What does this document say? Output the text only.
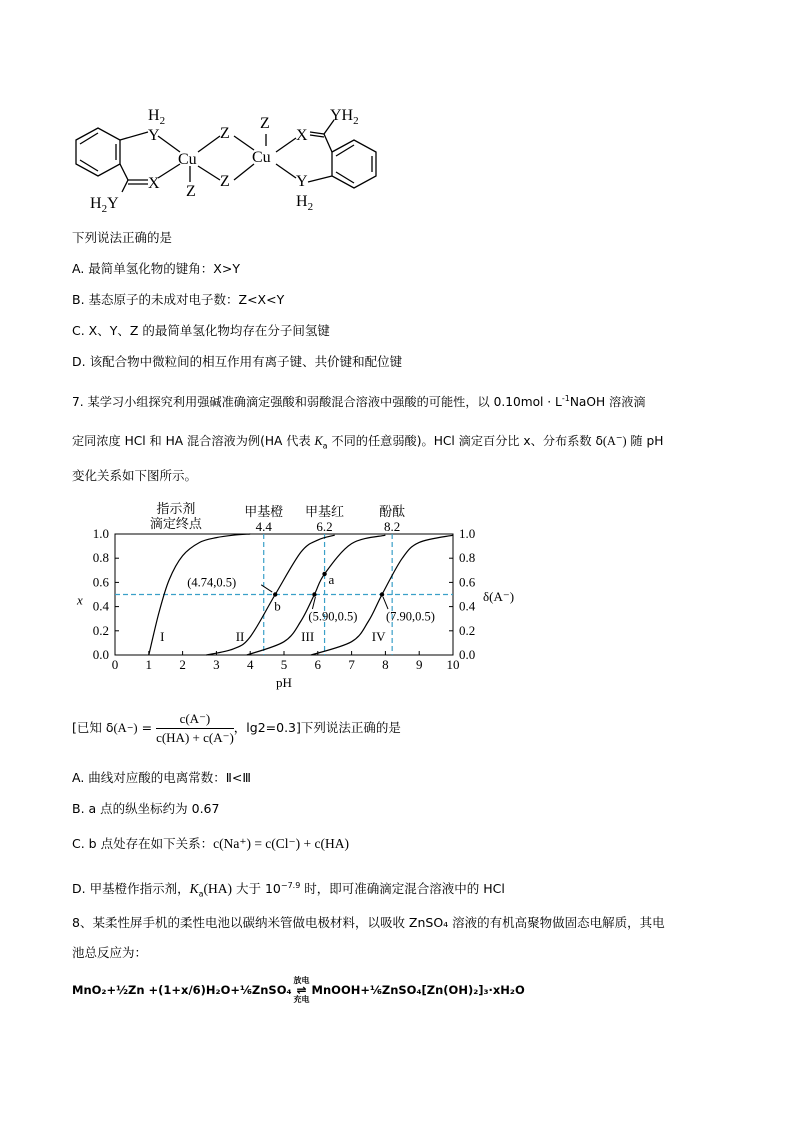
$H_2$
Y
X
$H_2Y$
Cu
Z
Z
Z
Cu
Z
X
$YH_2$
Y
$H_2$
下列说法正确的是
A. 最简单氢化物的键角：X>Y
B. 基态原子的未成对电子数：Z<X<Y
C. X、Y、Z 的最简单氢化物均存在分子间氢键
D. 该配合物中微粒间的相互作用有离子键、共价键和配位键
7. 某学习小组探究利用强碱准确滴定强酸和弱酸混合溶液中强酸的可能性，以 $0.10mol \cdot L^{-1}NaOH$ 溶液滴
定同浓度 HCl 和 HA 混合溶液为例(HA 代表 $K_a$ 不同的任意弱酸)。HCl 滴定百分比 x、分布系数 δ(A−) 随 pH
变化关系如下图所示。
0 1 2 3 4 5 6 7 8 9 10
0.0	0.0
0.2	0.2
0.4	0.4
0.6	0.6
0.8	0.8
1.0	1.0
pH
x	δ(A⁻)
指示剂
滴定终点
甲基橙
4.4
甲基红
6.2
酚酞
8.2
I	II	III	IV
(4.74,0.5)
(5.90,0.5) (7.90,0.5)
a
b
[已知 δ ( A − ) = $\frac{c(A^-)}{c(HA) + c(A^-)}$ ，lg2=0.3]下列说法正确的是
A. 曲线对应酸的电离常数：Ⅱ<Ⅲ
B. a 点的纵坐标约为 0.67
C. b 点处存在如下关系：c(Na⁺) = c(Cl⁻) + c(HA)
D. 甲基橙作指示剂，$K_a(HA)$ 大于 $10^{-7.9}$ 时，即可准确滴定混合溶液中的 HCl
8、某柔性屏手机的柔性电池以碳纳米管做电极材料，以吸收 ZnSO₄ 溶液的有机高聚物做固态电解质，其电
池总反应为：
MnO₂+½Zn +(1+x/6)H₂O+⅙ZnSO₄
放电
⇌
充电
MnOOH+⅙ZnSO₄[Zn(OH)₂]₃·xH₂O
